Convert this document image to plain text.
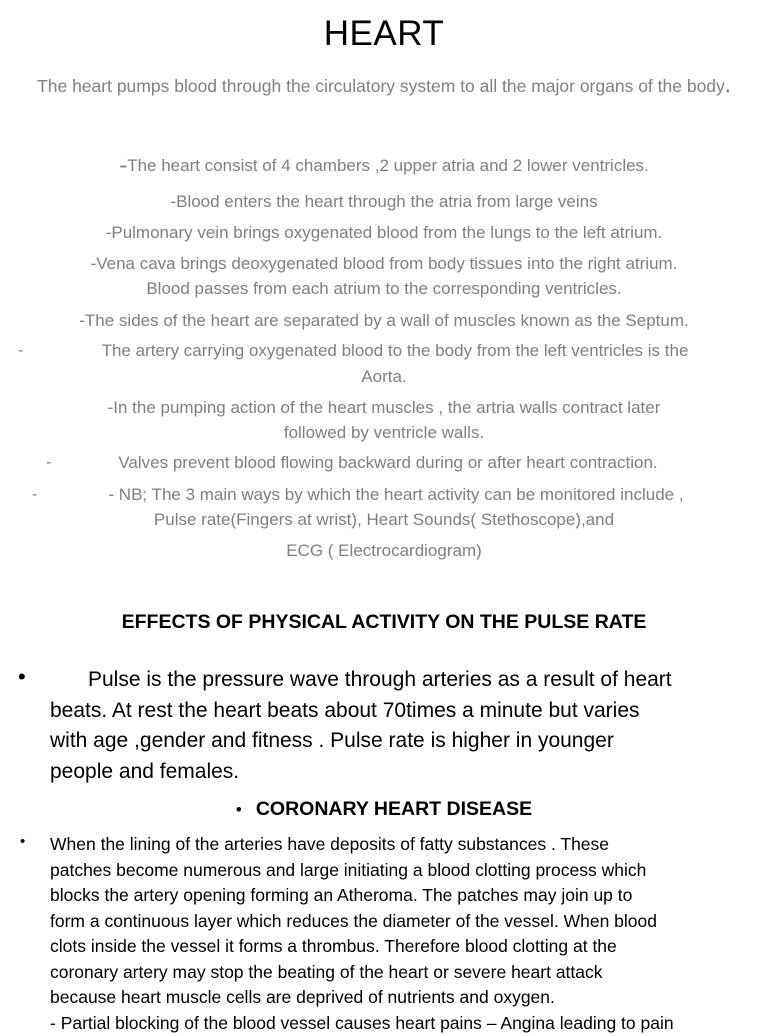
HEART
The heart pumps blood through the circulatory system to all the major organs of the body.
-The heart consist of 4 chambers ,2 upper atria and 2 lower ventricles.
-Blood enters the heart through the atria from large veins
-Pulmonary vein brings oxygenated blood from the lungs to the left atrium.
-Vena cava brings deoxygenated blood from body tissues into the right atrium.
Blood passes from each atrium to the corresponding ventricles.
-The sides of the heart are separated by a wall of muscles known as the Septum.
-	The artery carrying oxygenated blood to the body from the left ventricles is the
Aorta.
-In the pumping action of the heart muscles , the artria walls contract later
followed by ventricle walls.
-	Valves prevent blood flowing backward during or after heart contraction.
-	- NB; The 3 main ways by which the heart activity can be monitored include ,
Pulse rate(Fingers at wrist), Heart Sounds( Stethoscope),and
ECG ( Electrocardiogram)
EFFECTS OF PHYSICAL ACTIVITY ON THE PULSE RATE
•	Pulse is the pressure wave through arteries as a result of heart
beats. At rest the heart beats about 70times a minute but varies
with age ,gender and fitness . Pulse rate is higher in younger
people and females.
• CORONARY HEART DISEASE
• When the lining of the arteries have deposits of fatty substances . These
patches become numerous and large initiating a blood clotting process which
blocks the artery opening forming an Atheroma. The patches may join up to
form a continuous layer which reduces the diameter of the vessel. When blood
clots inside the vessel it forms a thrombus. Therefore blood clotting at the
coronary artery may stop the beating of the heart or severe heart attack
because heart muscle cells are deprived of nutrients and oxygen.
- Partial blocking of the blood vessel causes heart pains – Angina leading to pain
